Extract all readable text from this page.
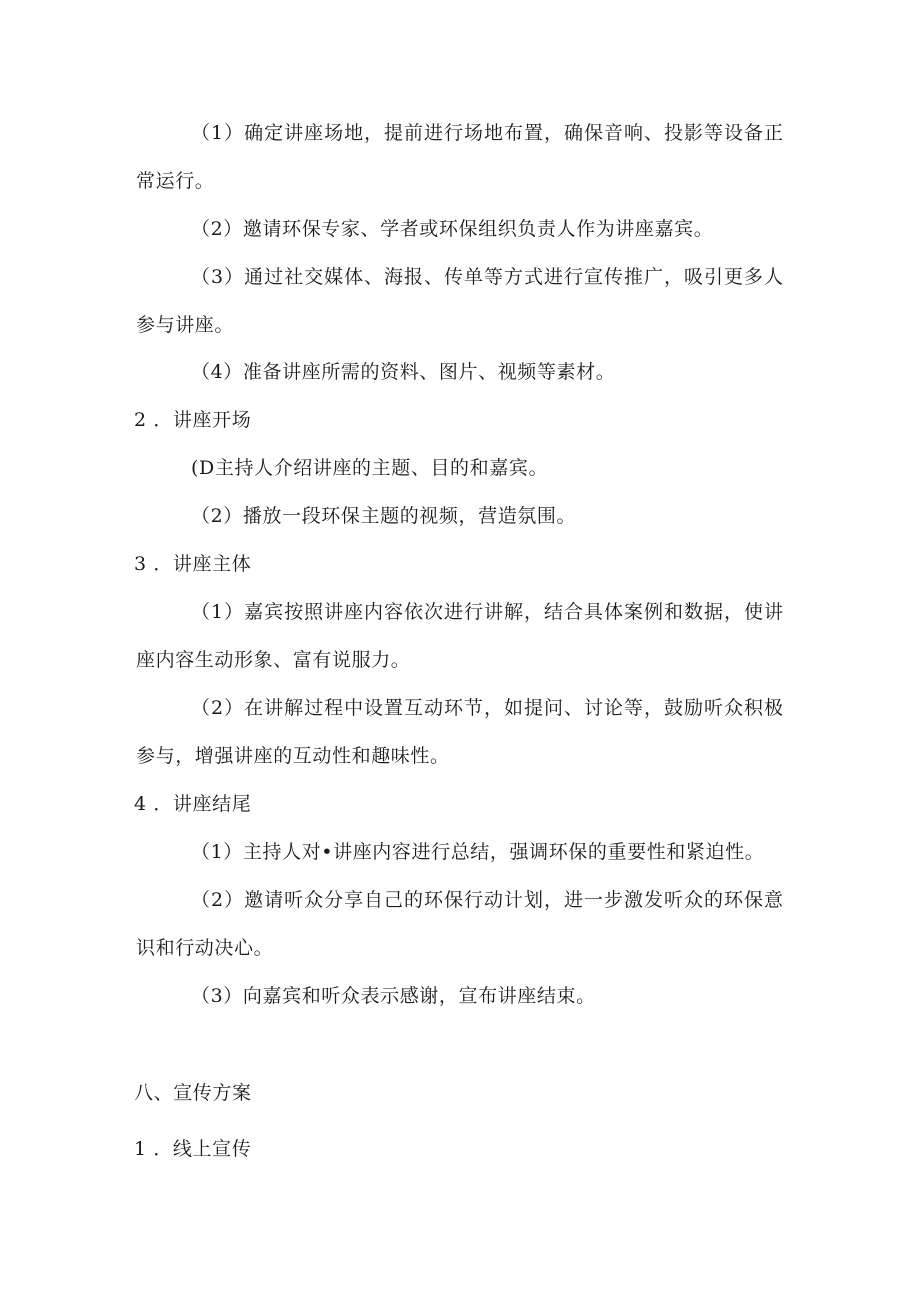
（1）确定讲座场地，提前进行场地布置，确保音响、投影等设备正

常运行。

（2）邀请环保专家、学者或环保组织负责人作为讲座嘉宾。

（3）通过社交媒体、海报、传单等方式进行宣传推广，吸引更多人

参与讲座。

（4）准备讲座所需的资料、图片、视频等素材。

2 ．讲座开场

(D主持人介绍讲座的主题、目的和嘉宾。

（2）播放一段环保主题的视频，营造氛围。

3 ．讲座主体

（1）嘉宾按照讲座内容依次进行讲解，结合具体案例和数据，使讲

座内容生动形象、富有说服力。

（2）在讲解过程中设置互动环节，如提问、讨论等，鼓励听众积极

参与，增强讲座的互动性和趣味性。

4 ．讲座结尾

（1）主持人对•讲座内容进行总结，强调环保的重要性和紧迫性。

（2）邀请听众分享自己的环保行动计划，进一步激发听众的环保意

识和行动决心。

（3）向嘉宾和听众表示感谢，宣布讲座结束。

八、宣传方案

1 ．线上宣传
